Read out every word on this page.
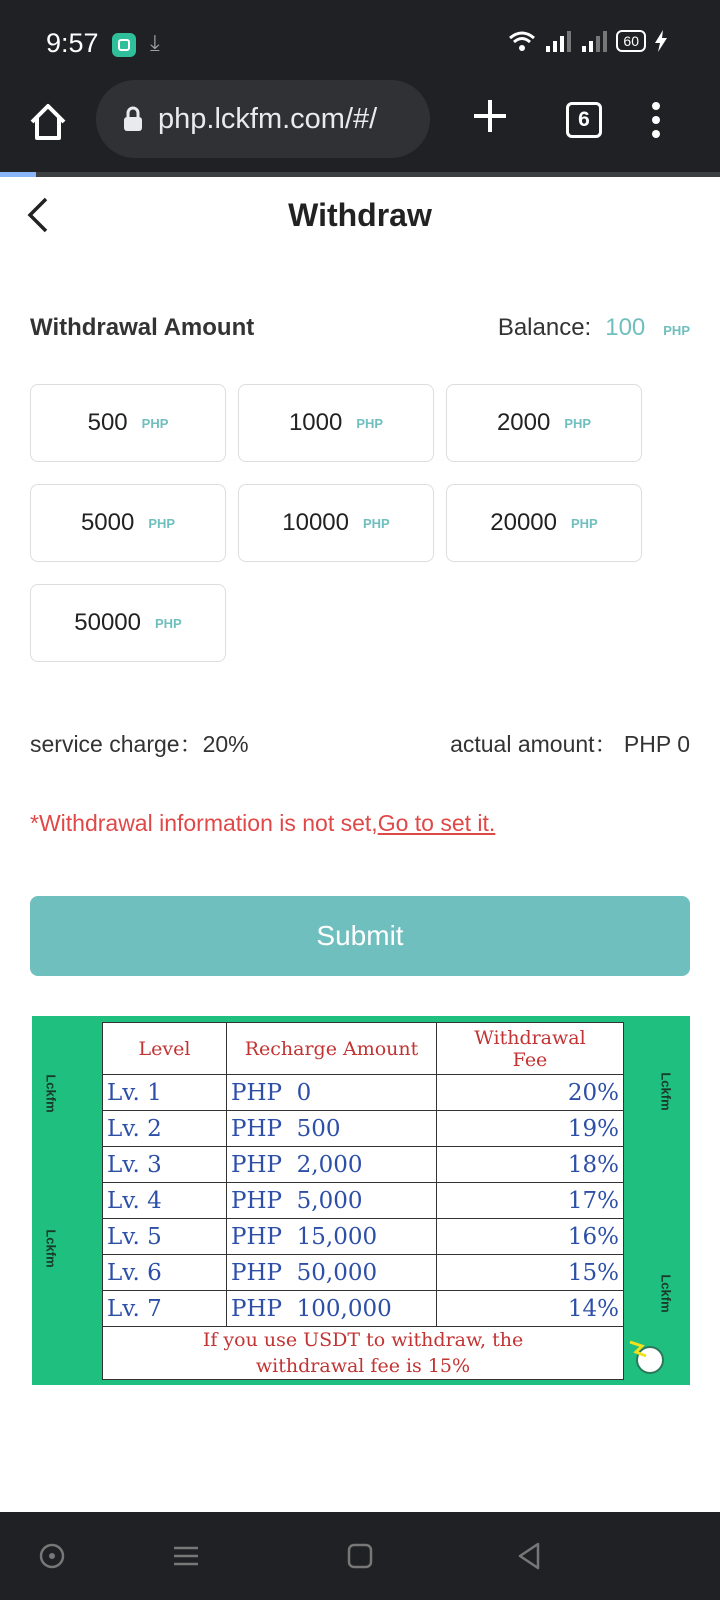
9:57 ⤓	60
php.lckfm.com/#/	6
Withdraw
Withdrawal Amount	Balance: 100 PHP
500 PHP	1000 PHP	2000 PHP
5000 PHP	10000 PHP	20000 PHP
50000 PHP
service charge：20%	actual amount： PHP 0
*Withdrawal information is not set,Go to set it.
Submit
Lckfm
Lckfm
Lckfm
Lckfm
Level	Recharge Amount	Withdrawal
Fee
Lv. 1	PHP  0	20%
Lv. 2	PHP  500	19%
Lv. 3	PHP  2,000	18%
Lv. 4	PHP  5,000	17%
Lv. 5	PHP  15,000	16%
Lv. 6	PHP  50,000	15%
Lv. 7	PHP  100,000	14%
If you use USDT to withdraw, the
withdrawal fee is 15%		
